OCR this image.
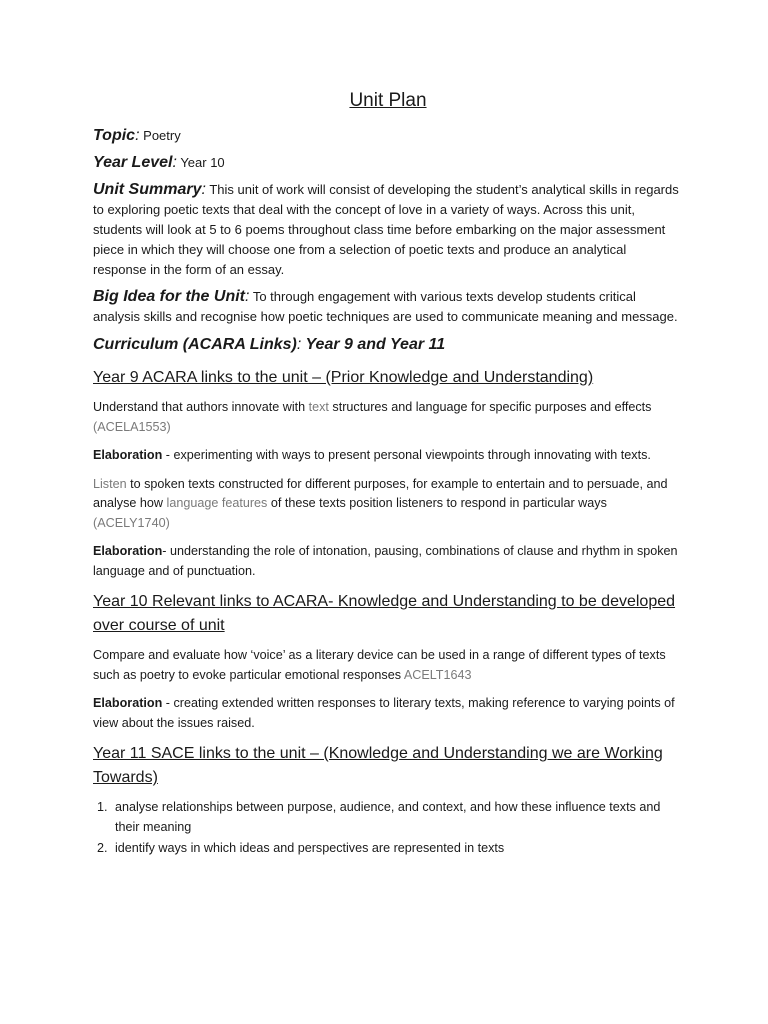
Unit Plan
Topic: Poetry
Year Level: Year 10
Unit Summary: This unit of work will consist of developing the student’s analytical skills in regards to exploring poetic texts that deal with the concept of love in a variety of ways. Across this unit, students will look at 5 to 6 poems throughout class time before embarking on the major assessment piece in which they will choose one from a selection of poetic texts and produce an analytical response in the form of an essay.
Big Idea for the Unit: To through engagement with various texts develop students critical analysis skills and recognise how poetic techniques are used to communicate meaning and message.
Curriculum (ACARA Links): Year 9 and Year 11
Year 9 ACARA links to the unit – (Prior Knowledge and Understanding)

Understand that authors innovate with text structures and language for specific purposes and effects (ACELA1553)

Elaboration - experimenting with ways to present personal viewpoints through innovating with texts.

Listen to spoken texts constructed for different purposes, for example to entertain and to persuade, and analyse how language features of these texts position listeners to respond in particular ways (ACELY1740)

Elaboration- understanding the role of intonation, pausing, combinations of clause and rhythm in spoken language and of punctuation.

Year 10 Relevant links to ACARA- Knowledge and Understanding to be developed over course of unit

Compare and evaluate how ‘voice’ as a literary device can be used in a range of different types of texts such as poetry to evoke particular emotional responses ACELT1643

Elaboration - creating extended written responses to literary texts, making reference to varying points of view about the issues raised.

Year 11 SACE links to the unit – (Knowledge and Understanding we are Working Towards)
1. analyse relationships between purpose, audience, and context, and how these influence texts and their meaning
2. identify ways in which ideas and perspectives are represented in texts
